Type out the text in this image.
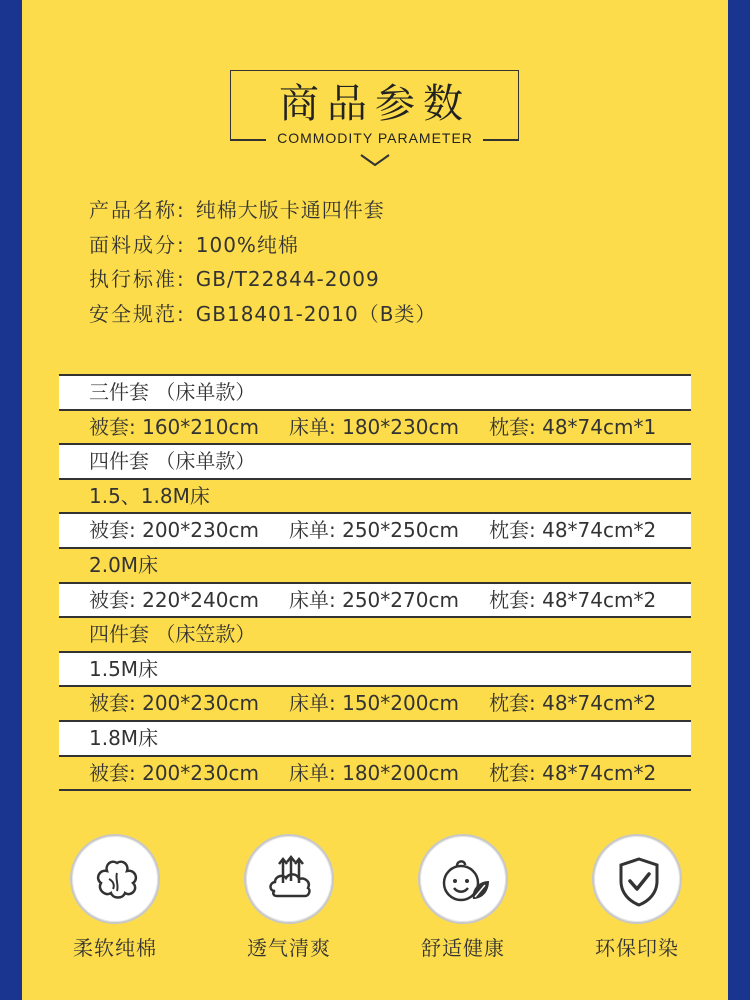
商品参数
COMMODITY PARAMETER
产品名称: 纯棉大版卡通四件套
面料成分: 100%纯棉
执行标准: GB/T22844-2009
安全规范: GB18401-2010（B类）
三件套 （床单款）
被套: 160*210cm 床单: 180*230cm 枕套: 48*74cm*1
四件套 （床单款）
1.5、1.8M床
被套: 200*230cm 床单: 250*250cm 枕套: 48*74cm*2
2.0M床
被套: 220*240cm 床单: 250*270cm 枕套: 48*74cm*2
四件套 （床笠款）
1.5M床
被套: 200*230cm 床单: 150*200cm 枕套: 48*74cm*2
1.8M床
被套: 200*230cm 床单: 180*200cm 枕套: 48*74cm*2
柔软纯棉	透气清爽	舒适健康	环保印染
